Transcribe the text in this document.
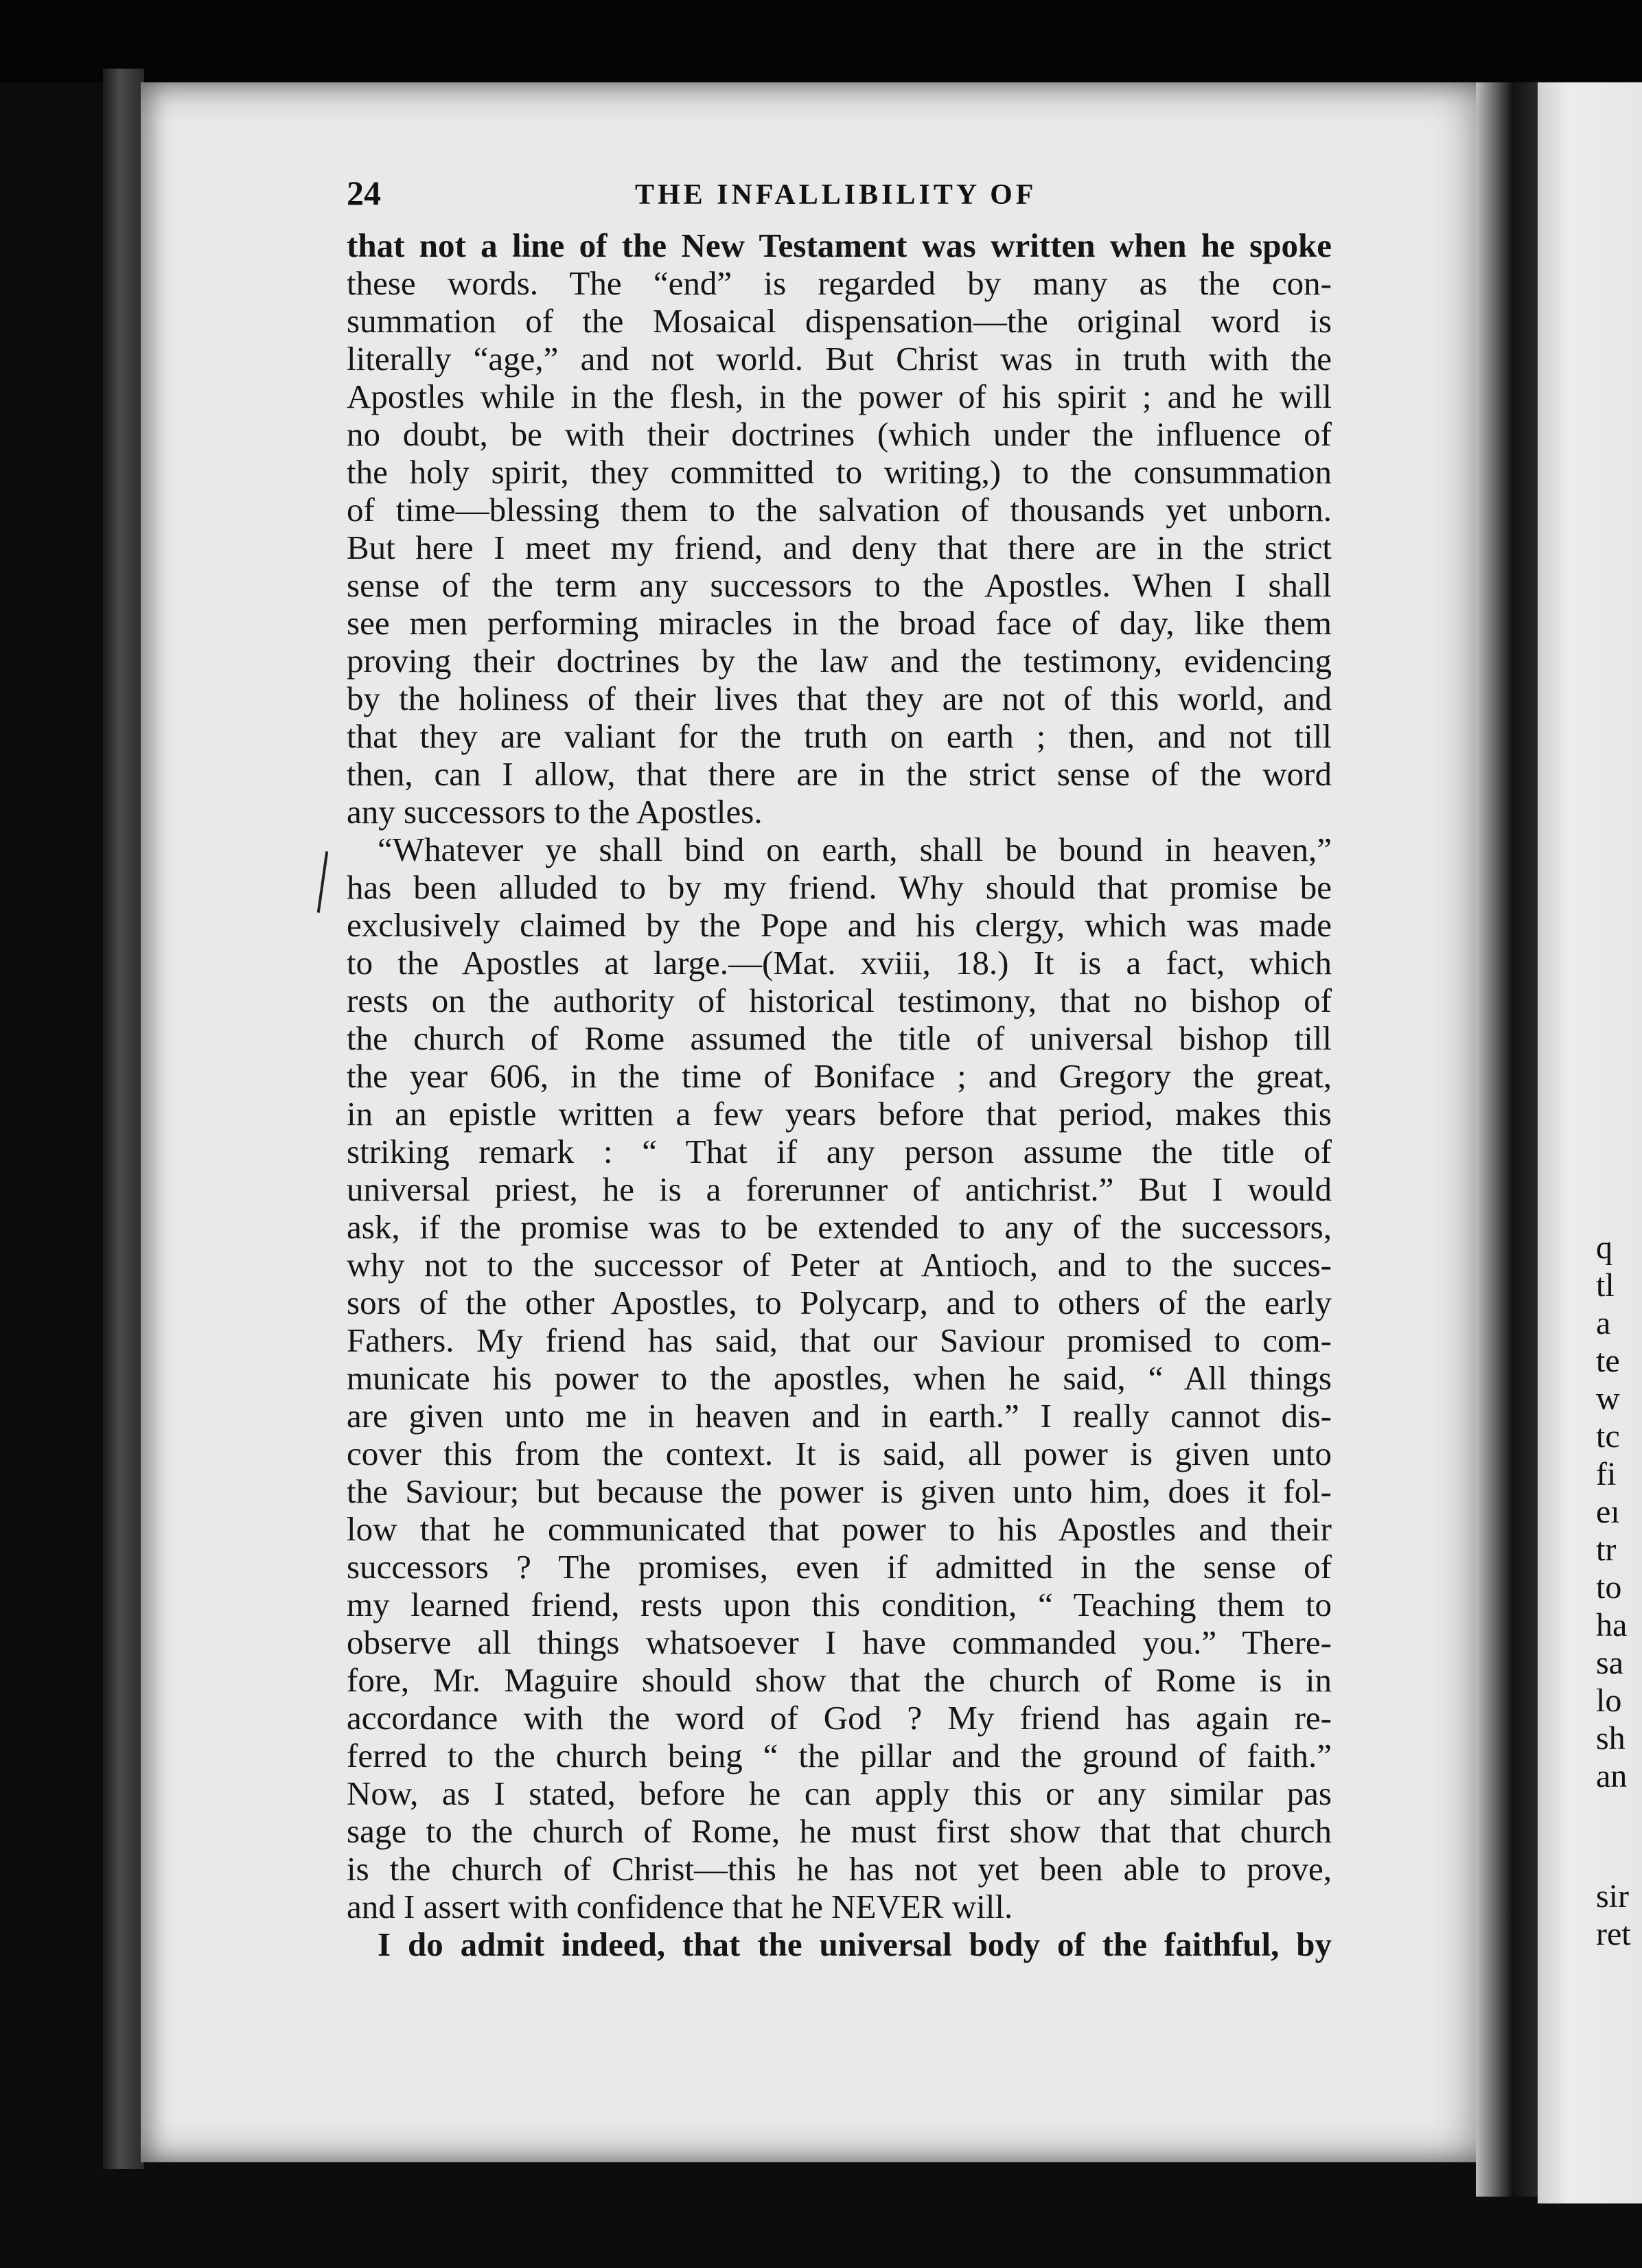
24	THE INFALLIBILITY OF
that not a line of the New Testament was written when he spoke
these words. The “end” is regarded by many as the con-
summation of the Mosaical dispensation—the original word is
literally “age,” and not world. But Christ was in truth with the
Apostles while in the flesh, in the power of his spirit ; and he will
no doubt, be with their doctrines (which under the influence of
the holy spirit, they committed to writing,) to the consummation
of time—blessing them to the salvation of thousands yet unborn.
But here I meet my friend, and deny that there are in the strict
sense of the term any successors to the Apostles. When I shall
see men performing miracles in the broad face of day, like them
proving their doctrines by the law and the testimony, evidencing
by the holiness of their lives that they are not of this world, and
that they are valiant for the truth on earth ; then, and not till
then, can I allow, that there are in the strict sense of the word
any successors to the Apostles.
“Whatever ye shall bind on earth, shall be bound in heaven,”
has been alluded to by my friend. Why should that promise be
exclusively claimed by the Pope and his clergy, which was made
to the Apostles at large.—(Mat. xviii, 18.) It is a fact, which
rests on the authority of historical testimony, that no bishop of
the church of Rome assumed the title of universal bishop till
the year 606, in the time of Boniface ; and Gregory the great,
in an epistle written a few years before that period, makes this
striking remark : “ That if any person assume the title of
universal priest, he is a forerunner of antichrist.” But I would
ask, if the promise was to be extended to any of the successors,
why not to the successor of Peter at Antioch, and to the succes-
sors of the other Apostles, to Polycarp, and to others of the early
Fathers. My friend has said, that our Saviour promised to com-
municate his power to the apostles, when he said, “ All things
are given unto me in heaven and in earth.” I really cannot dis-
cover this from the context. It is said, all power is given unto
the Saviour; but because the power is given unto him, does it fol-
low that he communicated that power to his Apostles and their
successors ? The promises, even if admitted in the sense of
my learned friend, rests upon this condition, “ Teaching them to
observe all things whatsoever I have commanded you.” There-
fore, Mr. Maguire should show that the church of Rome is in
accordance with the word of God ? My friend has again re-
ferred to the church being “ the pillar and the ground of faith.”
Now, as I stated, before he can apply this or any similar pas
sage to the church of Rome, he must first show that that church
is the church of Christ—this he has not yet been able to prove,
and I assert with confidence that he NEVER will.
I do admit indeed, that the universal body of the faithful, by
q
tl
a
te
w
tc
fi
eı
tr
to
ha
sa
lo
sh
an
sir
ret
